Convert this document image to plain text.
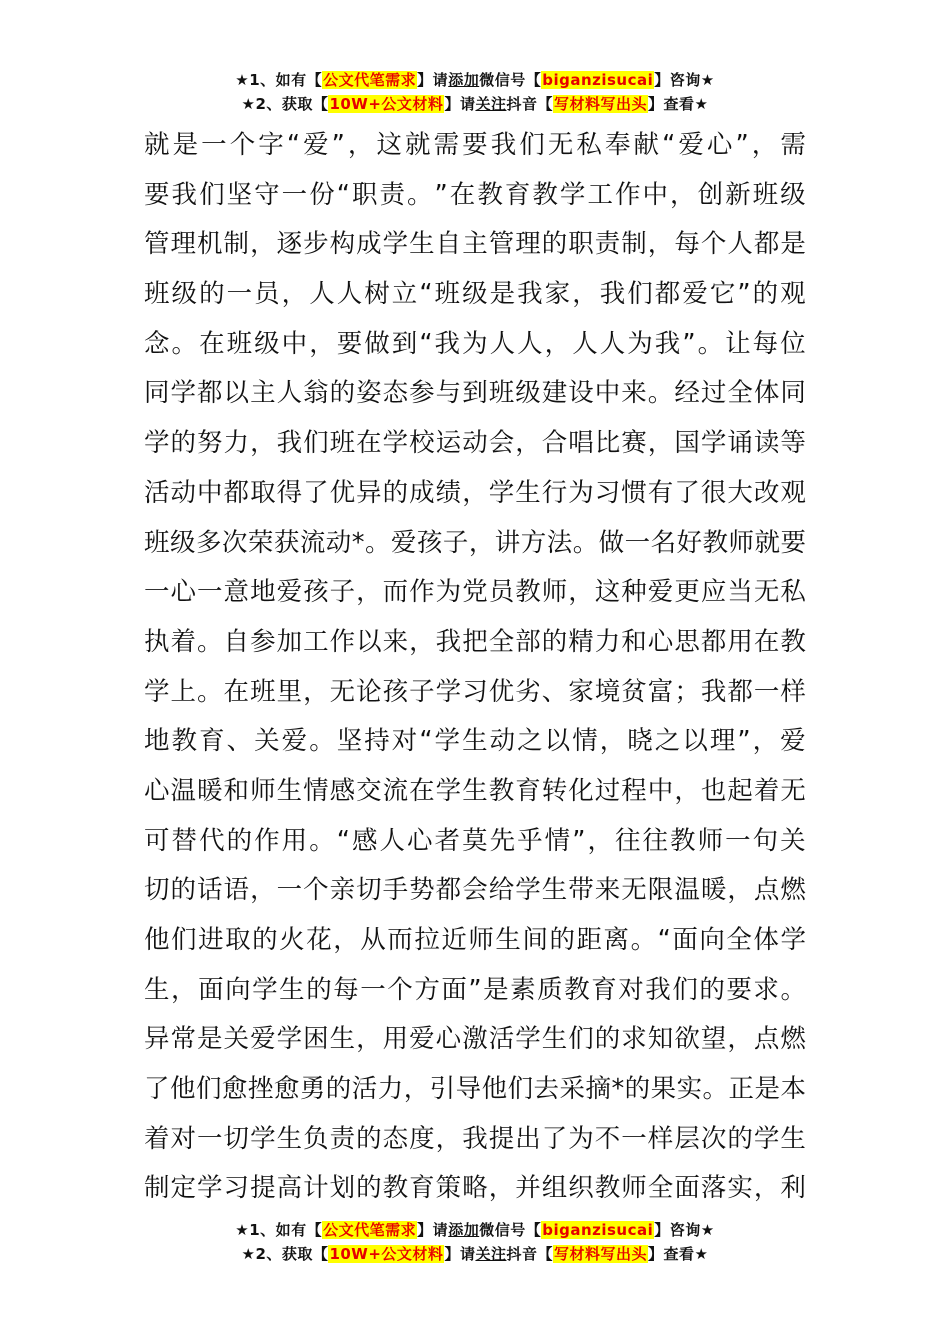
★1、如有【公文代笔需求】请添加微信号【biganzisucai】咨询★
★2、获取【10W+公文材料】请关注抖音【写材料写出头】查看★
就 是 一 个 字 “ 爱 ” ， 这 就 需 要 我 们 无 私 奉 献 “ 爱 心 ” ， 需
要 我 们 坚 守 一 份 “ 职 责 。 ” 在 教 育 教 学 工 作 中 ， 创 新 班 级
管 理 机 制 ， 逐 步 构 成 学 生 自 主 管 理 的 职 责 制 ， 每 个 人 都 是
班 级 的 一 员 ， 人 人 树 立 “ 班 级 是 我 家 ， 我 们 都 爱 它 ” 的 观
念 。 在 班 级 中 ， 要 做 到 “ 我 为 人 人 ， 人 人 为 我 ” 。 让 每 位
同 学 都 以 主 人 翁 的 姿 态 参 与 到 班 级 建 设 中 来 。 经 过 全 体 同
学 的 努 力 ， 我 们 班 在 学 校 运 动 会 ， 合 唱 比 赛 ， 国 学 诵 读 等
活 动 中 都 取 得 了 优 异 的 成 绩 ， 学 生 行 为 习 惯 有 了 很 大 改 观
班 级 多 次 荣 获 流 动 * 。 爱 孩 子 ， 讲 方 法 。 做 一 名 好 教 师 就 要
一 心 一 意 地 爱 孩 子 ， 而 作 为 党 员 教 师 ， 这 种 爱 更 应 当 无 私
执 着 。 自 参 加 工 作 以 来 ， 我 把 全 部 的 精 力 和 心 思 都 用 在 教
学 上 。 在 班 里 ， 无 论 孩 子 学 习 优 劣 、 家 境 贫 富 ； 我 都 一 样
地 教 育 、 关 爱 。 坚 持 对 “ 学 生 动 之 以 情 ， 晓 之 以 理 ” ， 爱
心 温 暖 和 师 生 情 感 交 流 在 学 生 教 育 转 化 过 程 中 ， 也 起 着 无
可 替 代 的 作 用 。 “ 感 人 心 者 莫 先 乎 情 ” ， 往 往 教 师 一 句 关
切 的 话 语 ， 一 个 亲 切 手 势 都 会 给 学 生 带 来 无 限 温 暖 ， 点 燃
他 们 进 取 的 火 花 ， 从 而 拉 近 师 生 间 的 距 离 。 “ 面 向 全 体 学
生 ， 面 向 学 生 的 每 一 个 方 面 ” 是 素 质 教 育 对 我 们 的 要 求 。
异 常 是 关 爱 学 困 生 ， 用 爱 心 激 活 学 生 们 的 求 知 欲 望 ， 点 燃
了 他 们 愈 挫 愈 勇 的 活 力 ， 引 导 他 们 去 采 摘 * 的 果 实 。 正 是 本
着 对 一 切 学 生 负 责 的 态 度 ， 我 提 出 了 为 不 一 样 层 次 的 学 生
制 定 学 习 提 高 计 划 的 教 育 策 略 ， 并 组 织 教 师 全 面 落 实 ， 利
★1、如有【公文代笔需求】请添加微信号【biganzisucai】咨询★
★2、获取【10W+公文材料】请关注抖音【写材料写出头】查看★
